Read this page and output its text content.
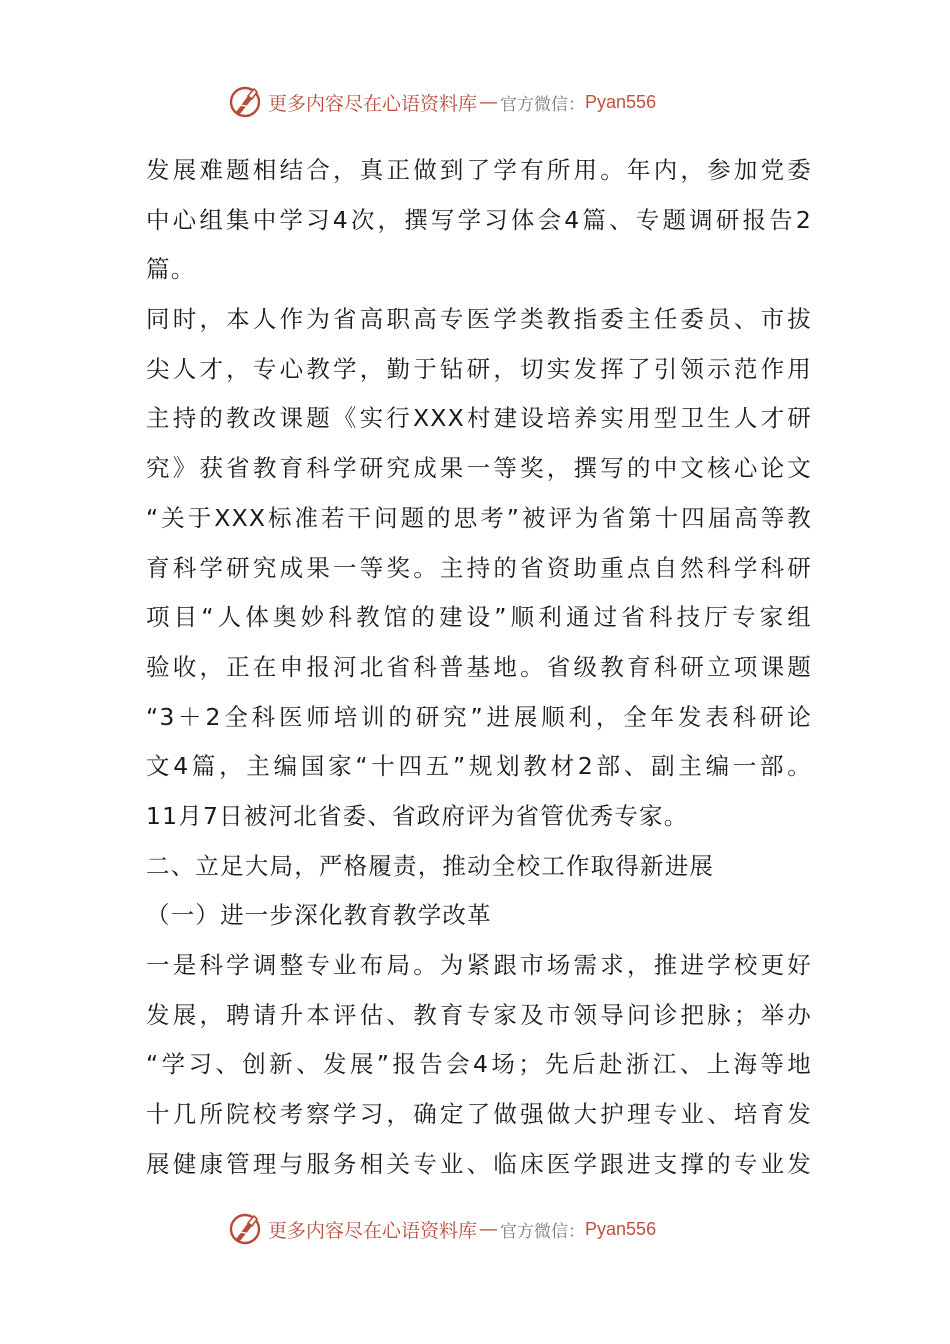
更多内容尽在心语资料库 — 官方微信： Pyan556
发展难题相结合，真正做到了学有所用。年内，参加党委
中心组集中学习4次，撰写学习体会4篇、专题调研报告2
篇。
同时，本人作为省高职高专医学类教指委主任委员、市拔
尖人才，专心教学，勤于钻研，切实发挥了引领示范作用
主持的教改课题《实行XXX村建设培养实用型卫生人才研
究》获省教育科学研究成果一等奖，撰写的中文核心论文
“关于XXX标准若干问题的思考”被评为省第十四届高等教
育科学研究成果一等奖。主持的省资助重点自然科学科研
项目“人体奥妙科教馆的建设”顺利通过省科技厅专家组
验收，正在申报河北省科普基地。省级教育科研立项课题
“3＋2全科医师培训的研究”进展顺利，全年发表科研论
文4篇，主编国家“十四五”规划教材2部、副主编一部。
11月7日被河北省委、省政府评为省管优秀专家。
二、立足大局，严格履责，推动全校工作取得新进展
（一）进一步深化教育教学改革
一是科学调整专业布局。为紧跟市场需求，推进学校更好
发展，聘请升本评估、教育专家及市领导问诊把脉；举办
“学习、创新、发展”报告会4场；先后赴浙江、上海等地
十几所院校考察学习，确定了做强做大护理专业、培育发
展健康管理与服务相关专业、临床医学跟进支撑的专业发
更多内容尽在心语资料库 — 官方微信： Pyan556
